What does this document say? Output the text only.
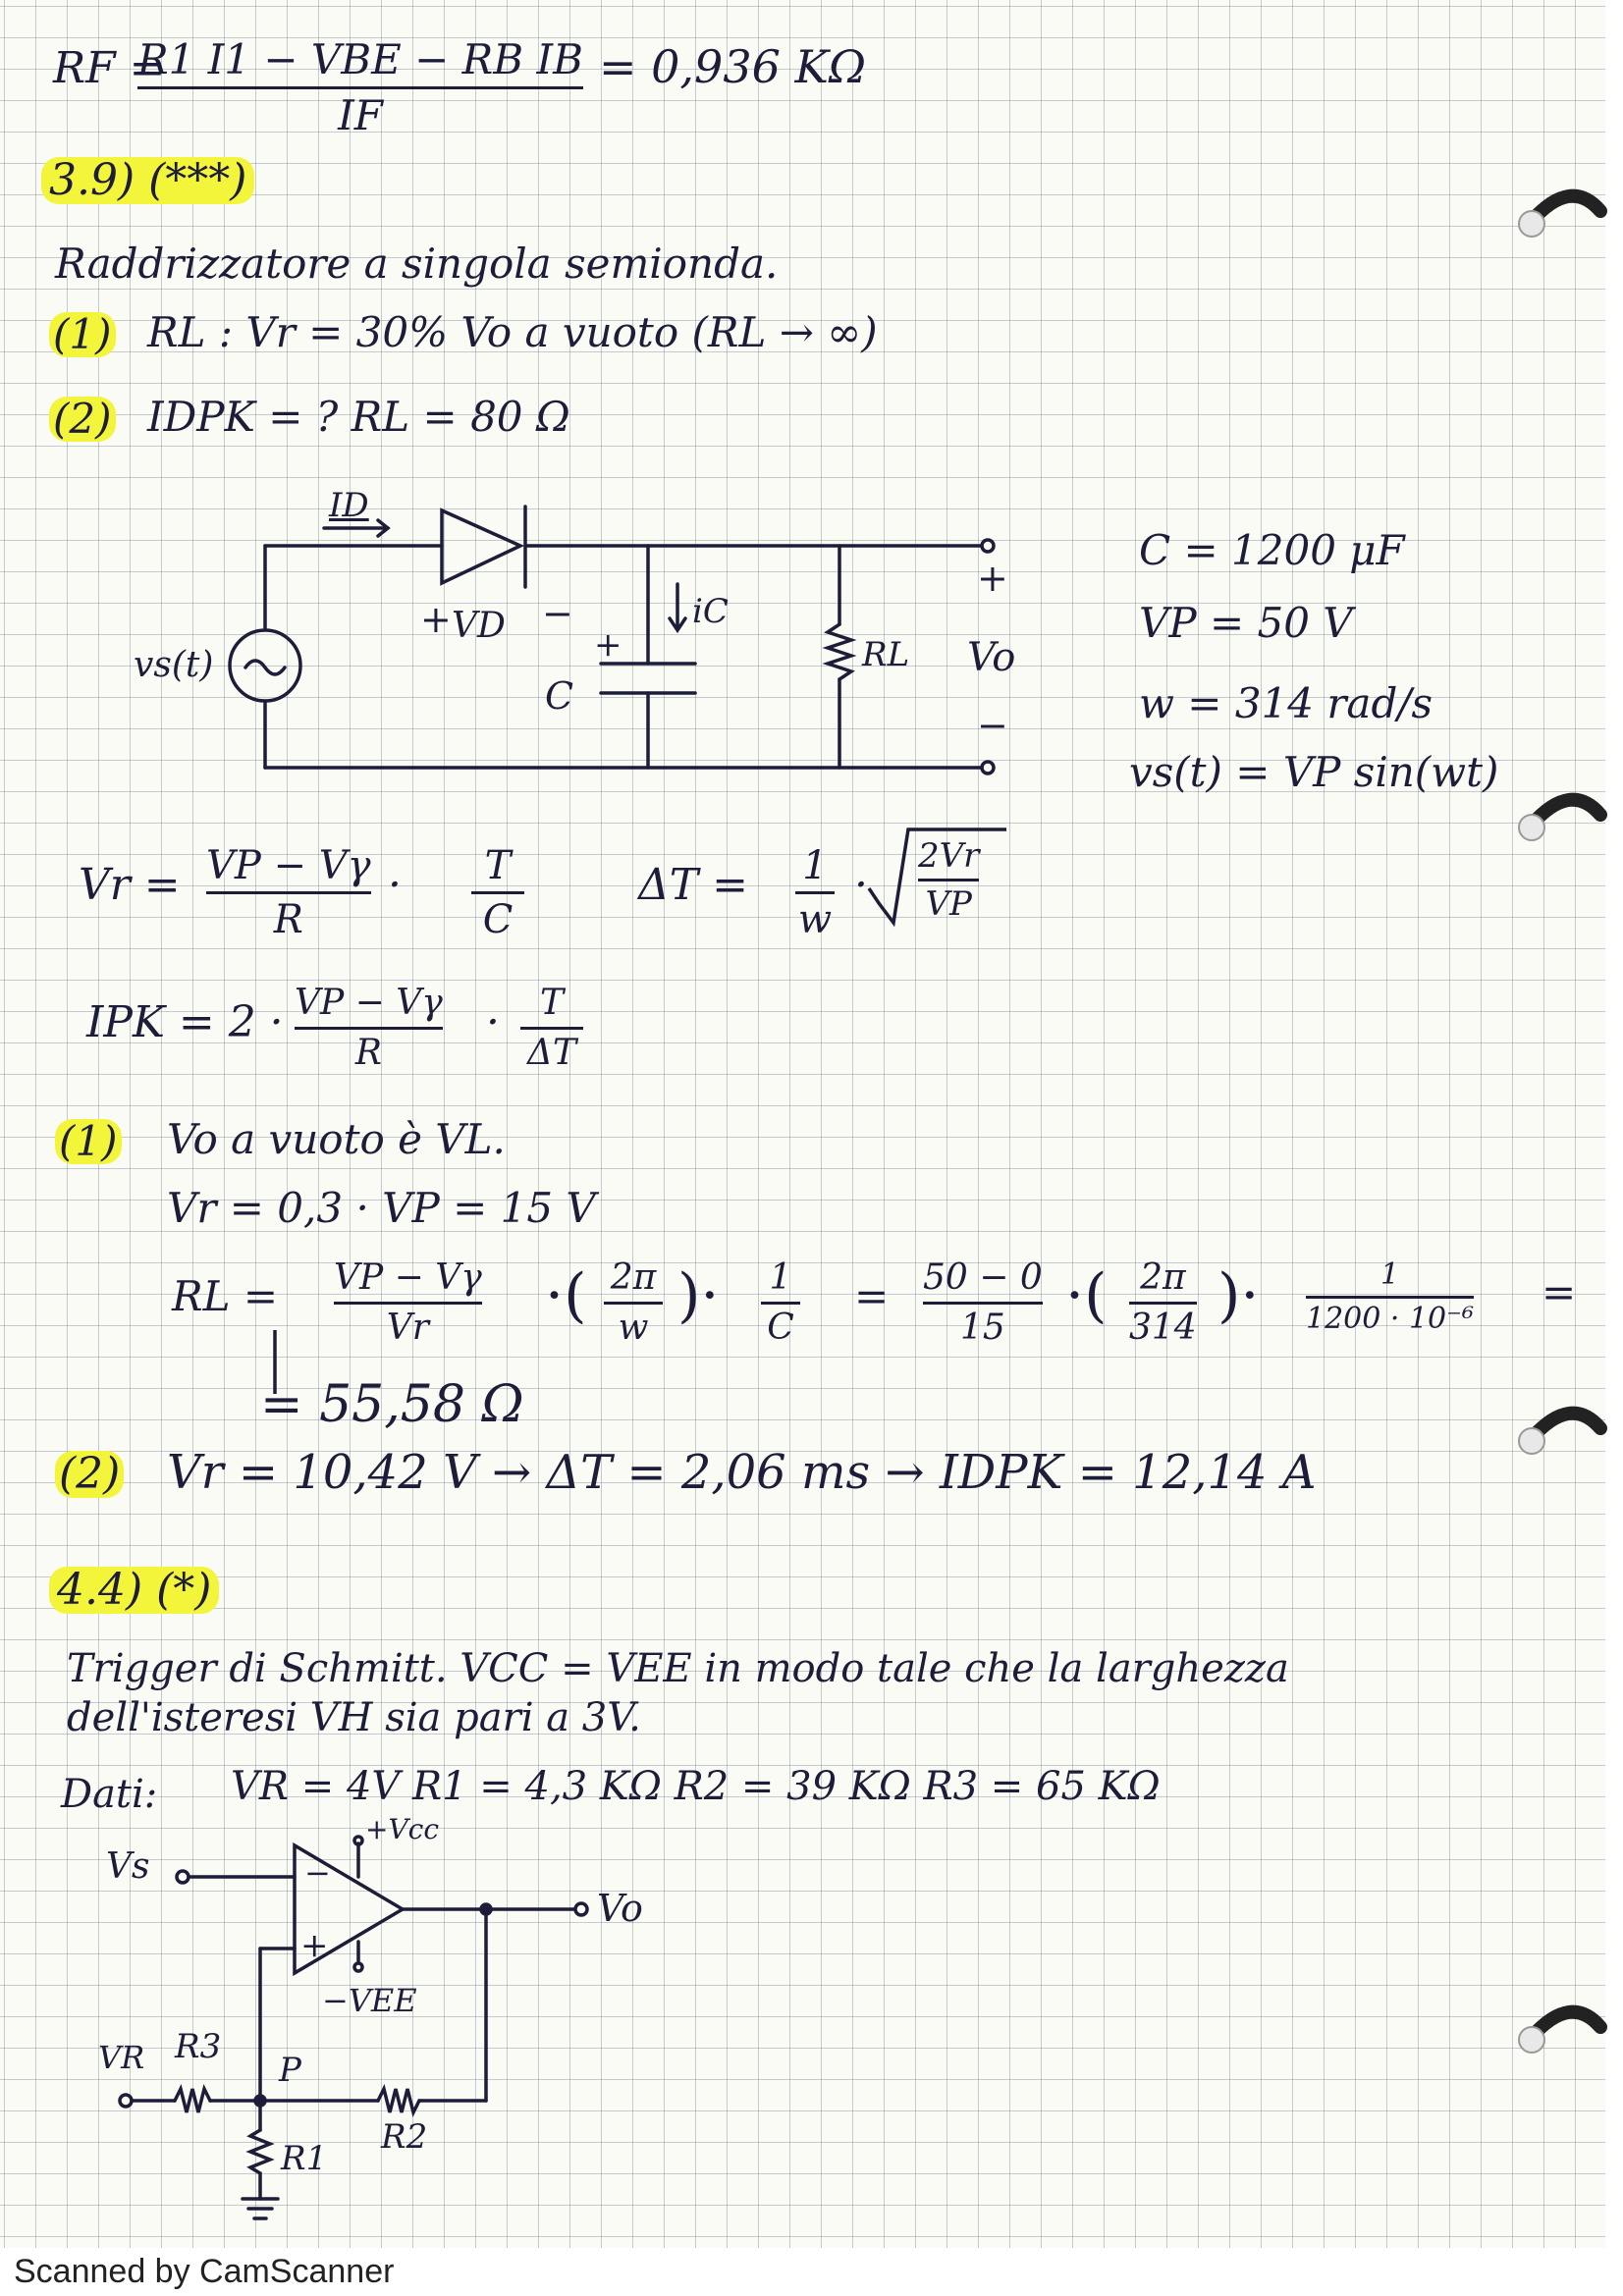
RF =
R1 I1 − VBE − RB IB
IF
= 0,936 KΩ
3.9) (***)
Raddrizzatore a singola semionda.
(1) RL : Vr = 30% Vo a vuoto (RL → ∞)
(2) IDPK = ? RL = 80 Ω
ID
vs(t)
+ VD −	iC
+
C
RL
+
Vo
−
C = 1200 μF
VP = 50 V
w = 314 rad/s
vs(t) = VP sin(wt)
Vr = VP − Vγ
R
· T
C
ΔT = 1
w
·
2Vr
VP
IPK = 2 · VP − Vγ
R
· T
ΔT
(1) Vo a vuoto è VL.
Vr = 0,3 · VP = 15 V
RL = VP − Vγ
Vr ·( 2π
w )· 1
C
= 50 − 0
15 ·( 2π
314 )·	1
1200 · 10⁻⁶
=
= 55,58 Ω
(2) Vr = 10,42 V → ΔT = 2,06 ms → IDPK = 12,14 A
4.4) (*)
Trigger di Schmitt. VCC = VEE in modo tale che la larghezza
dell'isteresi VH sia pari a 3V.
Dati: VR = 4V R1 = 4,3 KΩ R2 = 39 KΩ R3 = 65 KΩ
Vs
+Vcc
−VEE
−
+
Vo
VR R3
P
R2
R1
Scanned by CamScanner
